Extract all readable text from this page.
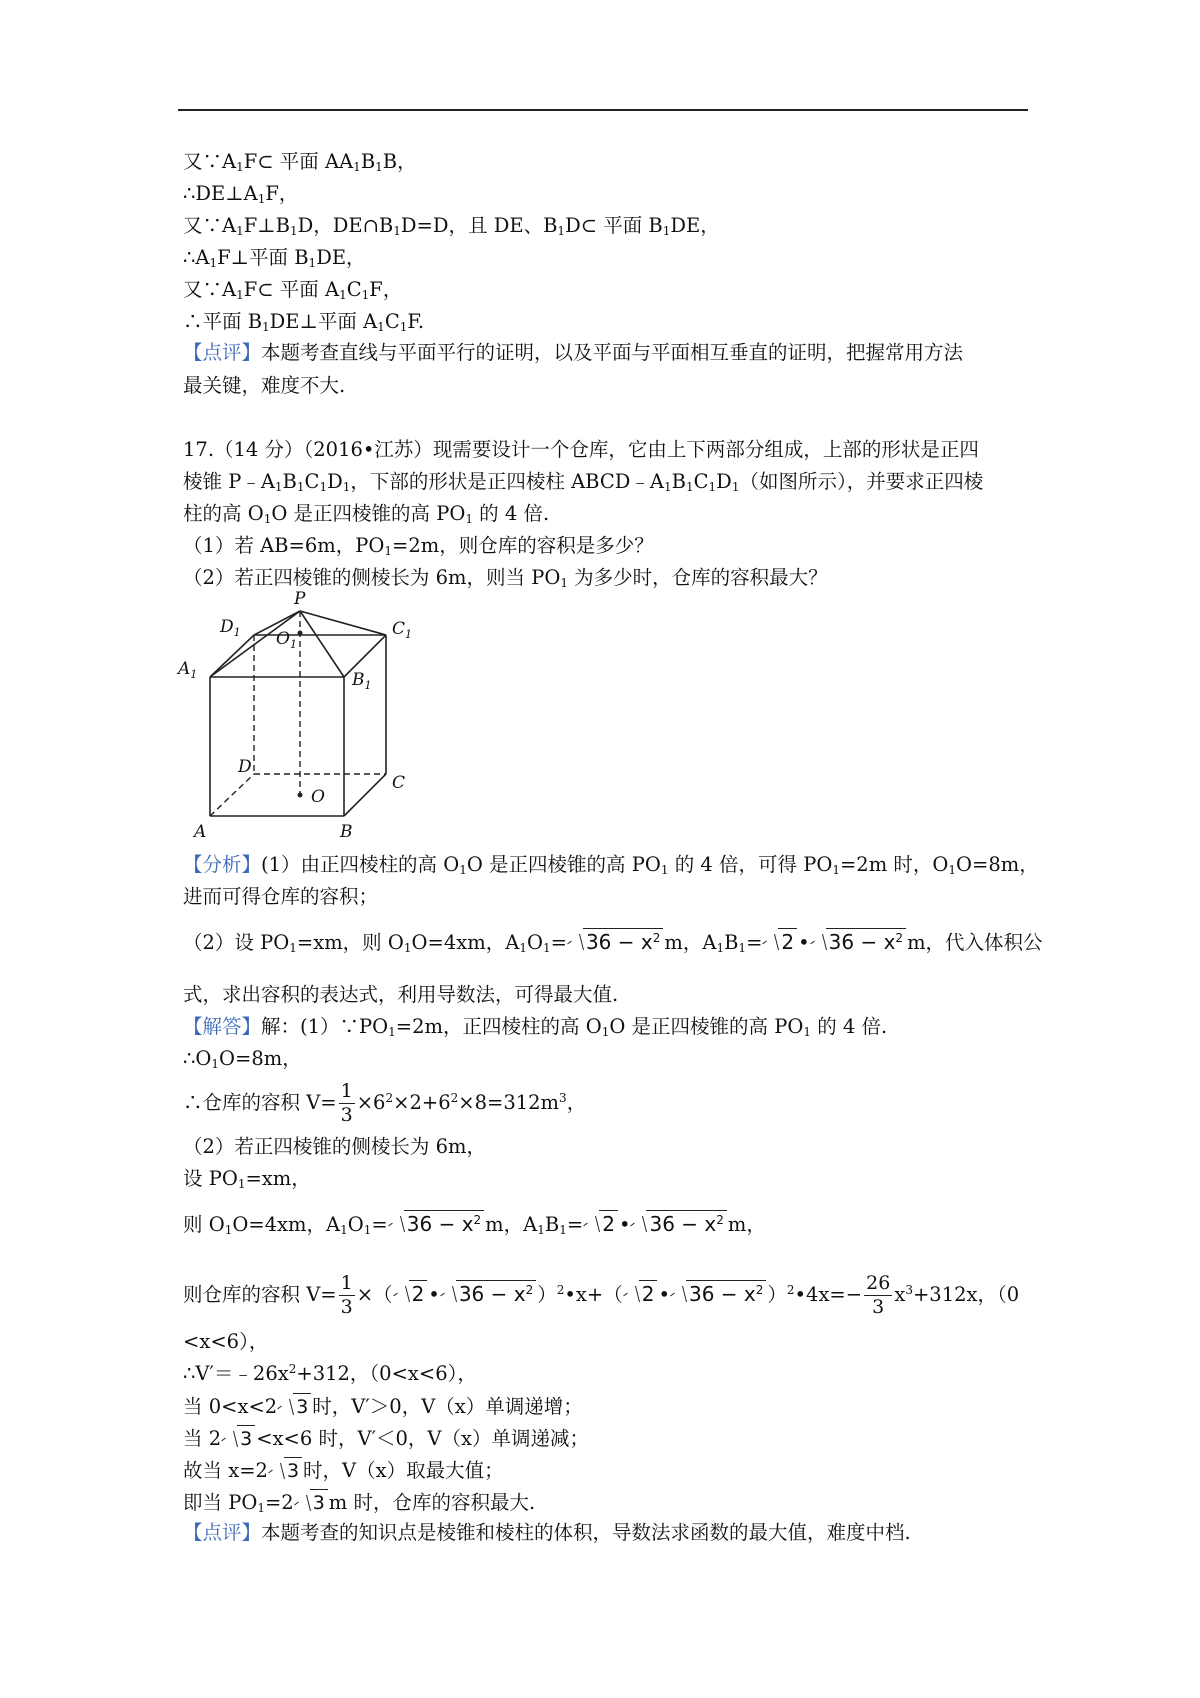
又$\because A_1F\subset$ 平面 $AA_1B_1B$，
$\therefore DE\perp A_1F$，
又$\because A_1F\perp B_1D$，$DE\cap B_1D=D$，且 DE、$B_1D\subset$ 平面 $B_1DE$，
$\therefore A_1F\perp$平面 $B_1DE$，
又$\because A_1F\subset$ 平面 $A_1C_1F$，
∴平面 $B_1DE\perp$平面 $A_1C_1F$.
【点评】本题考查直线与平面平行的证明，以及平面与平面相互垂直的证明，把握常用方法
最关键，难度不大.
17.（14 分）（2016•江苏）现需要设计一个仓库，它由上下两部分组成，上部的形状是正四
棱锥 $P﹣A_1B_1C_1D_1$，下部的形状是正四棱柱 $ABCD﹣A_1B_1C_1D_1$（如图所示），并要求正四棱
柱的高 $O_1O$ 是正四棱锥的高 $PO_1$ 的 4 倍.
（1）若 AB=6m，$PO_1=2m$，则仓库的容积是多少？
（2）若正四棱锥的侧棱长为 6m，则当 $PO_1$ 为多少时，仓库的容积最大？
P
$D_1$	$C_1$
$O_1$
$A_1$	$B_1$
D
C
O
A	B
【分析】(1）由正四棱柱的高 $O_1O$ 是正四棱锥的高 $PO_1$ 的 4 倍，可得 $PO_1=2m$ 时，$O_1O=8m$，
进而可得仓库的容积；
（2）设 $PO_1=xm$，则 $O_1O=4xm$，$A_1O_1= 36 - x^2$ m，$A_1B_1= 2$ • $36 - x^2$ m，代入体积公
式，求出容积的表达式，利用导数法，可得最大值.
【解答】解：$(1)\because PO_1=2m$，正四棱柱的高 $O_1O$ 是正四棱锥的高 $PO_1$ 的 4 倍.
$\therefore O_1O=8m$，
∴仓库的容积 $V= \frac{1}{3} \times 6^2\times 2+6^2\times 8=312m^3$，
（2）若正四棱锥的侧棱长为 6m，
设 $PO_1=xm$，
则 $O_1O=4xm$，$A_1O_1= 36 - x^2$ m，$A_1B_1= 2$ • $36 - x^2$ m，
则仓库的容积 $V= \frac{1}{3}$ ×（ 2 • $36 - x^2$ ）$^2$•x+（ 2 • $36 - x^2$ ）$^2$•4x=− $\frac{26}{3} x^3+312x$，（0
<x<6），
$\therefore V'=﹣26x^2+312$，（0<x<6），
当 0<x<2 3 时，V′＞0，V（x）单调递增；
当 2 3 <x<6 时，V′＜0，V（x）单调递减；
故当 x=2 3 时，V（x）取最大值；
即当 $PO_1=2$ 3 m 时，仓库的容积最大.
【点评】本题考查的知识点是棱锥和棱柱的体积，导数法求函数的最大值，难度中档.
